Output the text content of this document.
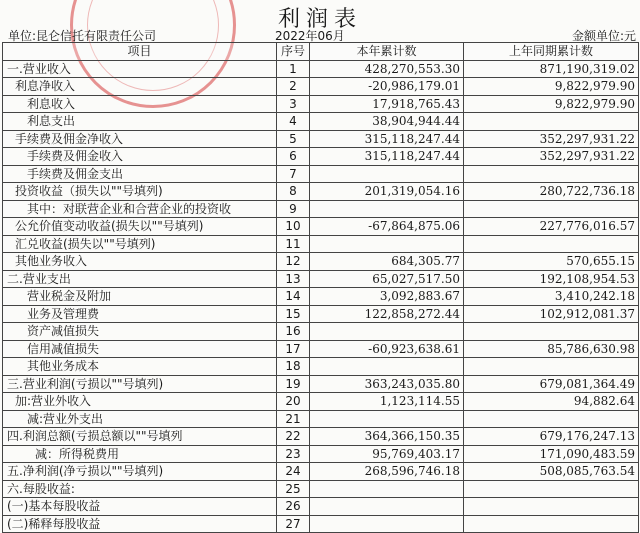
利润表
单位:昆仑信托有限责任公司	2022年06月	金额单位:元
项目	序号	本年累计数	上年同期累计数
一.营业收入	1	428,270,553.30	871,190,319.02
利息净收入	2	-20,986,179.01	9,822,979.90
利息收入	3	17,918,765.43	9,822,979.90
利息支出	4	38,904,944.44	
手续费及佣金净收入	5	315,118,247.44	352,297,931.22
手续费及佣金收入	6	315,118,247.44	352,297,931.22
手续费及佣金支出	7		
投资收益（损失以""号填列)	8	201,319,054.16	280,722,736.18
其中：对联营企业和合营企业的投资收	9		
公允价值变动收益(损失以""号填列)	10	-67,864,875.06	227,776,016.57
汇兑收益(损失以""号填列)	11		
其他业务收入	12	684,305.77	570,655.15
二.营业支出	13	65,027,517.50	192,108,954.53
营业税金及附加	14	3,092,883.67	3,410,242.18
业务及管理费	15	122,858,272.44	102,912,081.37
资产减值损失	16		
信用减值损失	17	-60,923,638.61	85,786,630.98
其他业务成本	18		
三.营业利润(亏损以""号填列)	19	363,243,035.80	679,081,364.49
加:营业外收入	20	1,123,114.55	94,882.64
减:营业外支出	21		
四.利润总额(亏损总额以""号填列	22	364,366,150.35	679,176,247.13
减：所得税费用	23	95,769,403.17	171,090,483.59
五.净利润(净亏损以""号填列)	24	268,596,746.18	508,085,763.54
六.每股收益:	25		
(一)基本每股收益	26		
(二)稀释每股收益	27		
